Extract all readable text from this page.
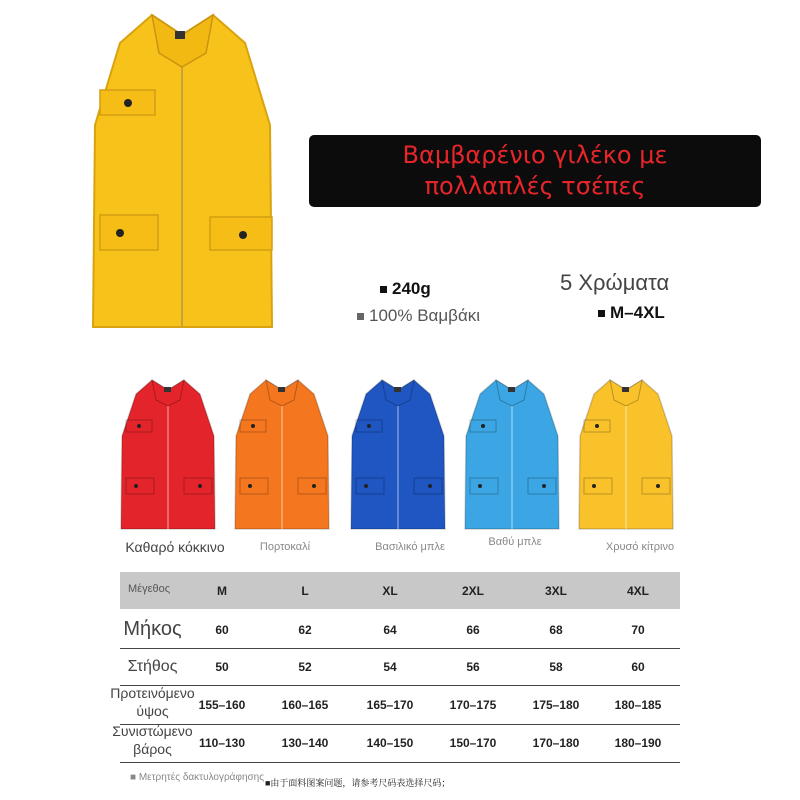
Βαμβαρένιο γιλέκο με πολλαπλές τσέπες
240g
100% Βαμβάκι
5 Χρώματα
M–4XL
Καθαρό κόκκινο	Πορτοκαλί	Βασιλικό μπλε	Βαθύ μπλε	Χρυσό κίτρινο
Μέγεθος	M	L	XL	2XL	3XL	4XL
Μήκος	60	62	64	66	68	70
Στήθος	50	52	54	56	58	60
Προτεινόμενο ύψος	155–160	160–165	165–170	170–175	175–180	180–185
Συνιστώμενο βάρος	110–130	130–140	140–150	150–170	170–180	180–190
■ Μετρητές δακτυλογράφησης ■由于面料图案问题，请参考尺码表选择尺码；
